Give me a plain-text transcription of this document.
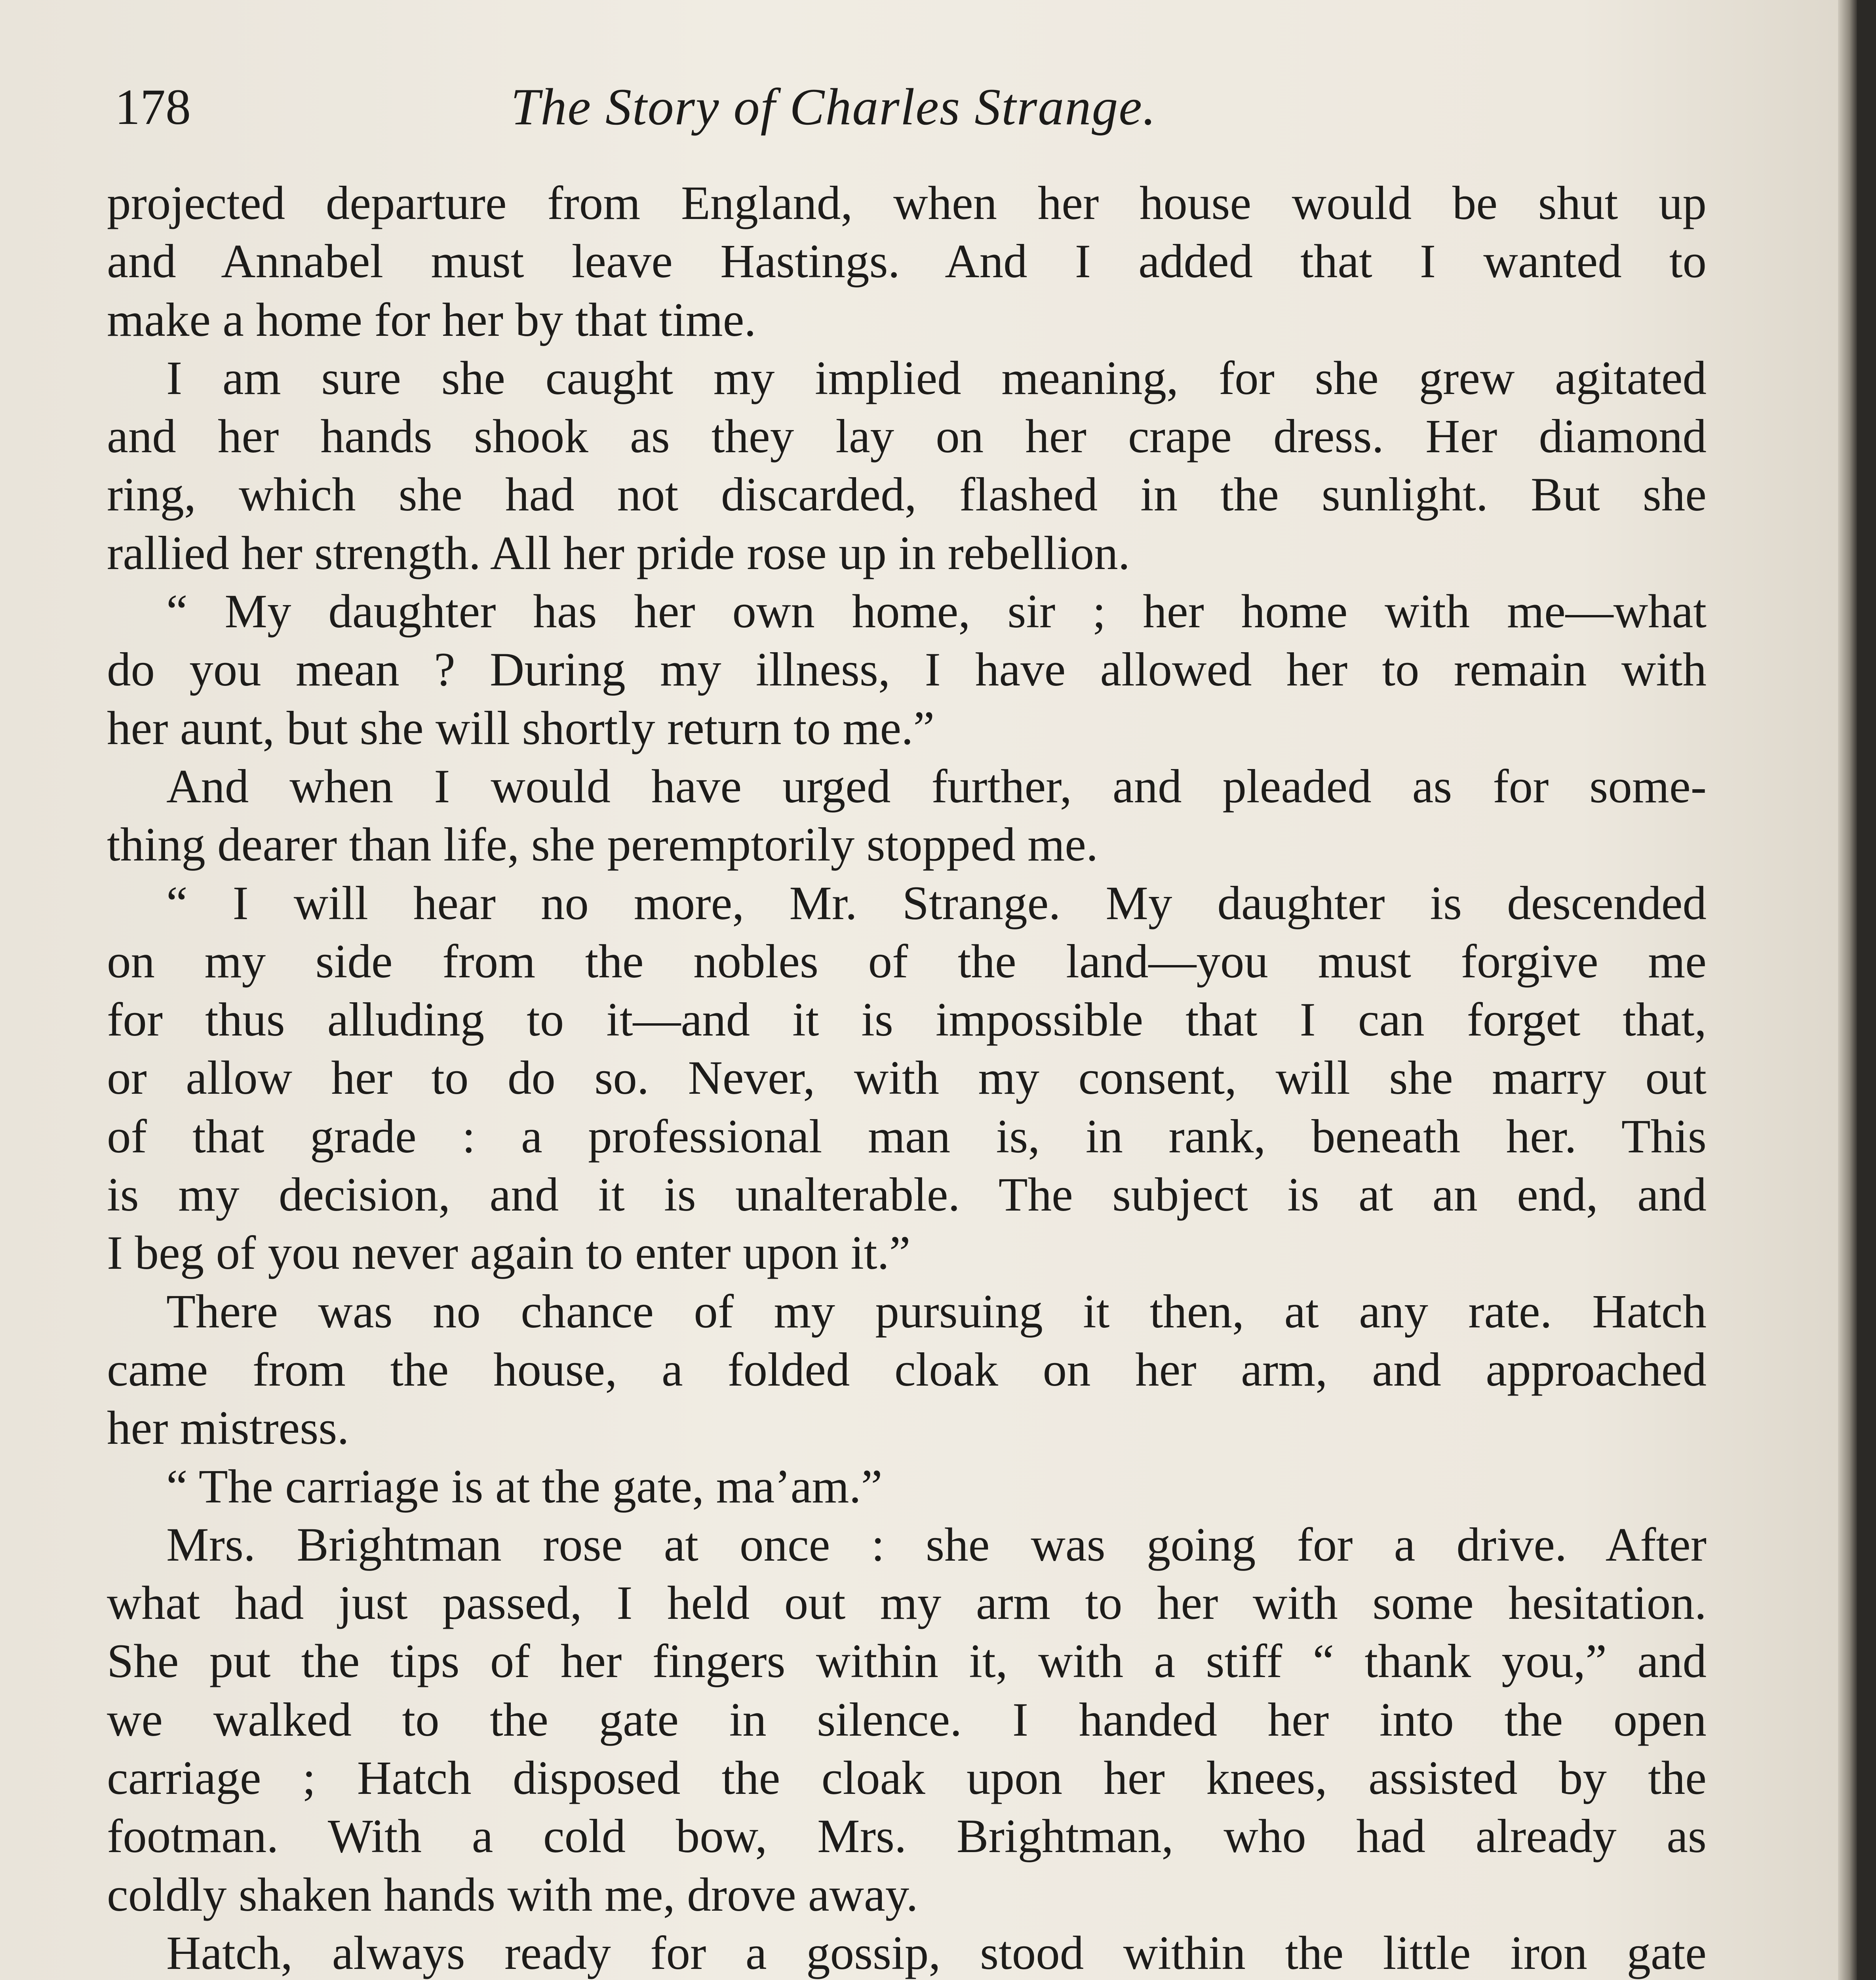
178	The Story of Charles Strange.
projected departure from England, when her house would be shut up
and Annabel must leave Hastings. And I added that I wanted to
make a home for her by that time.
I am sure she caught my implied meaning, for she grew agitated
and her hands shook as they lay on her crape dress. Her diamond
ring, which she had not discarded, flashed in the sunlight. But she
rallied her strength. All her pride rose up in rebellion.
“ My daughter has her own home, sir ; her home with me—what
do you mean ? During my illness, I have allowed her to remain with
her aunt, but she will shortly return to me.”
And when I would have urged further, and pleaded as for some-
thing dearer than life, she peremptorily stopped me.
“ I will hear no more, Mr. Strange. My daughter is descended
on my side from the nobles of the land—you must forgive me
for thus alluding to it—and it is impossible that I can forget that,
or allow her to do so. Never, with my consent, will she marry out
of that grade : a professional man is, in rank, beneath her. This
is my decision, and it is unalterable. The subject is at an end, and
I beg of you never again to enter upon it.”
There was no chance of my pursuing it then, at any rate. Hatch
came from the house, a folded cloak on her arm, and approached
her mistress.
“ The carriage is at the gate, ma’am.”
Mrs. Brightman rose at once : she was going for a drive. After
what had just passed, I held out my arm to her with some hesitation.
She put the tips of her fingers within it, with a stiff “ thank you,” and
we walked to the gate in silence. I handed her into the open
carriage ; Hatch disposed the cloak upon her knees, assisted by the
footman. With a cold bow, Mrs. Brightman, who had already as
coldly shaken hands with me, drove away.
Hatch, always ready for a gossip, stood within the little iron gate
